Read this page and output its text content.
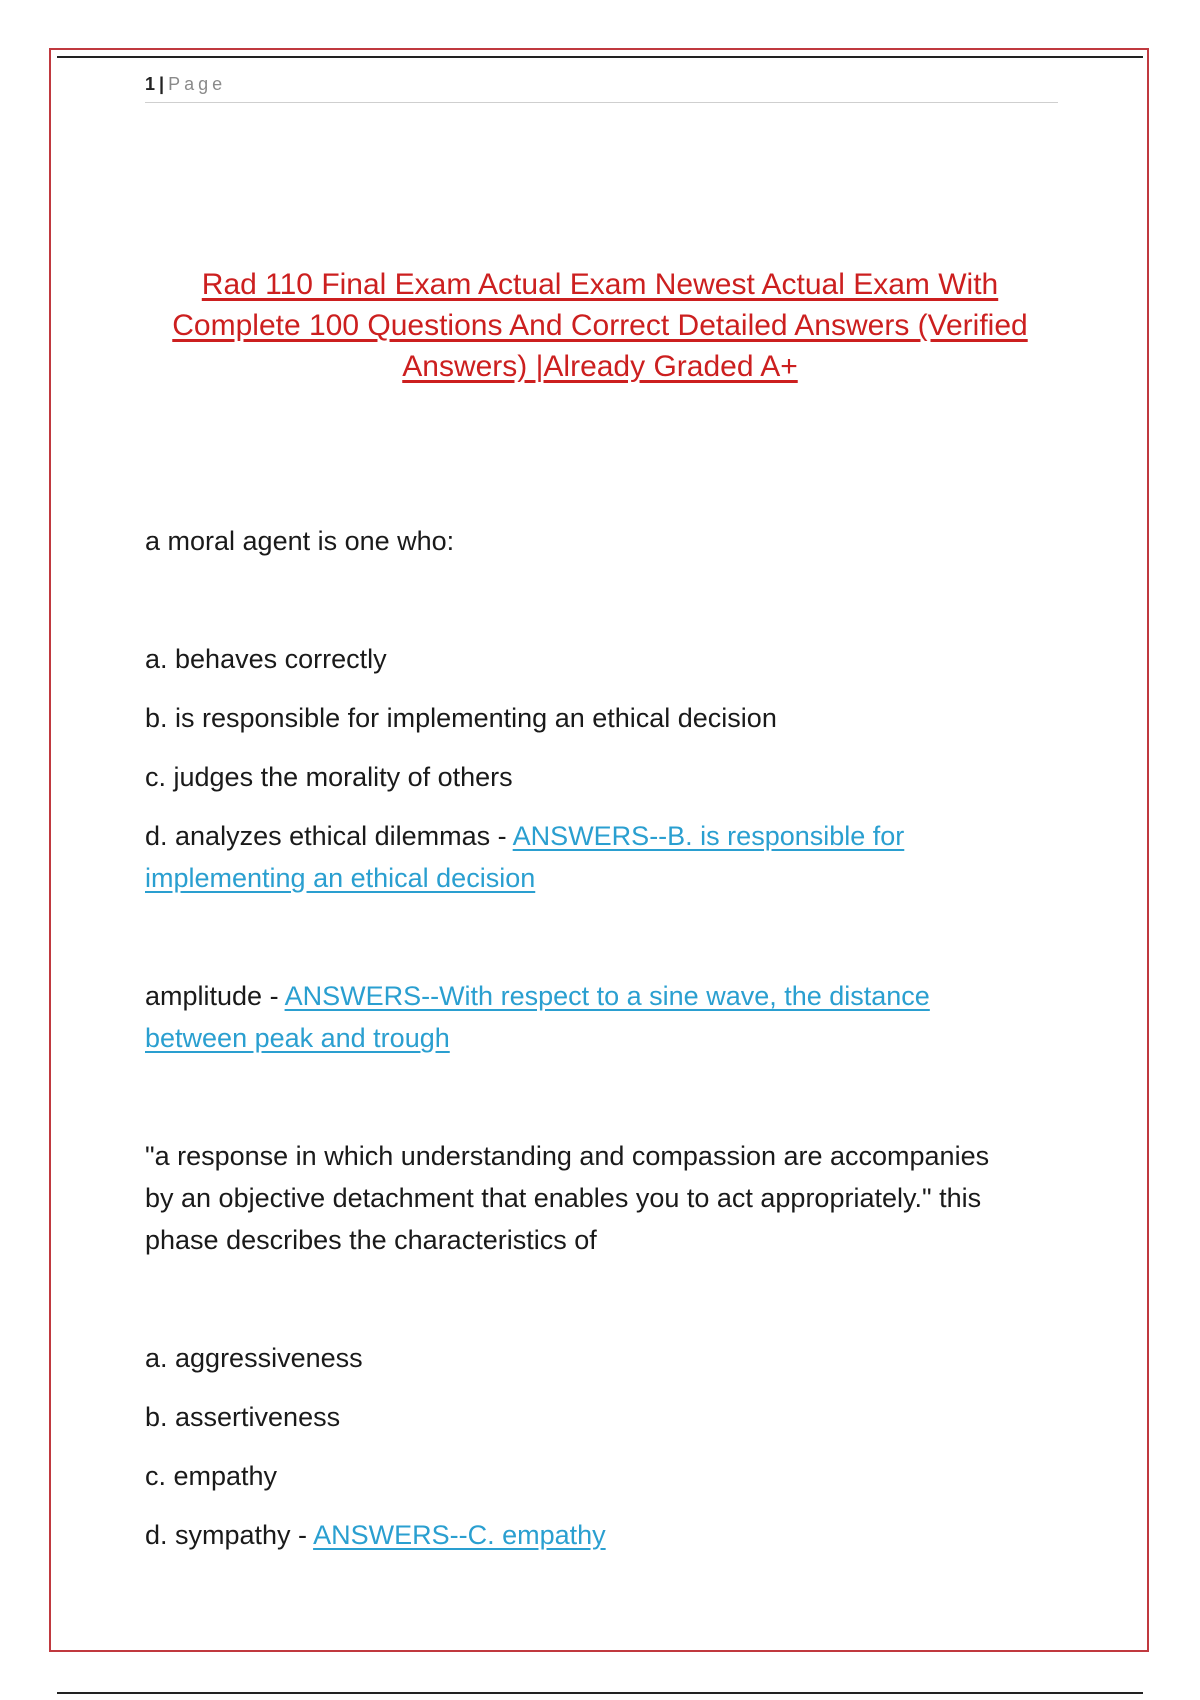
1 | Page
Rad 110 Final Exam Actual Exam Newest Actual Exam With Complete 100 Questions And Correct Detailed Answers (Verified Answers) |Already Graded A+
a moral agent is one who:
a. behaves correctly
b. is responsible for implementing an ethical decision
c. judges the morality of others
d. analyzes ethical dilemmas - ANSWERS--B. is responsible for implementing an ethical decision
amplitude - ANSWERS--With respect to a sine wave, the distance between peak and trough
"a response in which understanding and compassion are accompanies by an objective detachment that enables you to act appropriately." this phase describes the characteristics of
a. aggressiveness
b. assertiveness
c. empathy
d. sympathy - ANSWERS--C. empathy
